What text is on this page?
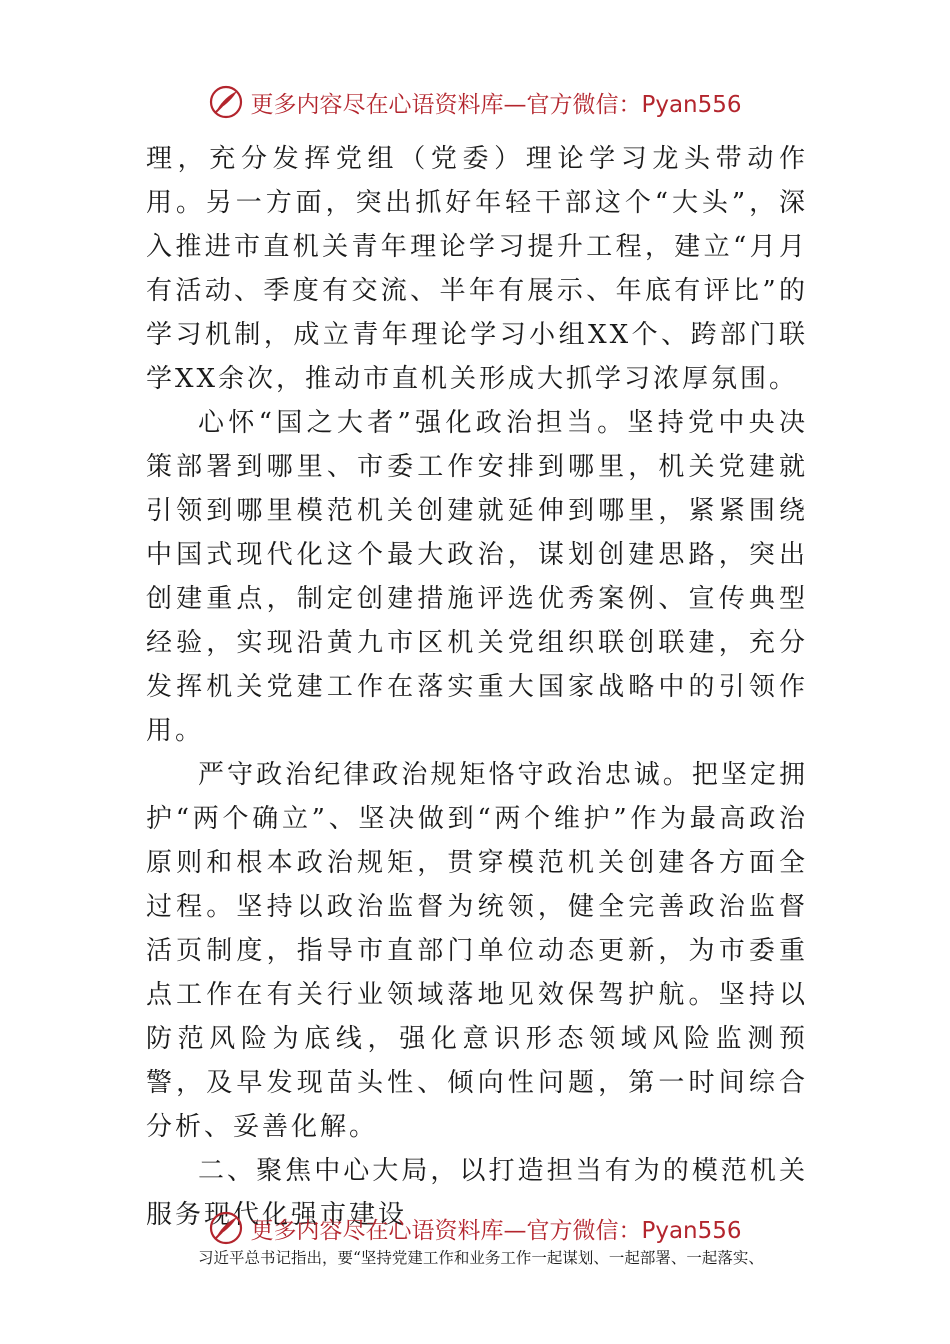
更多内容尽在心语资料库—官方微信：Pyan556

理，充分发挥党组（党委）理论学习龙头带动作用。另一方面，突出抓好年轻干部这个“大头”，深入推进市直机关青年理论学习提升工程，建立“月月有活动、季度有交流、半年有展示、年底有评比”的学习机制，成立青年理论学习小组XX个、跨部门联学XX余次，推动市直机关形成大抓学习浓厚氛围。

心怀“国之大者”强化政治担当。坚持党中央决策部署到哪里、市委工作安排到哪里，机关党建就引领到哪里模范机关创建就延伸到哪里，紧紧围绕中国式现代化这个最大政治，谋划创建思路，突出创建重点，制定创建措施评选优秀案例、宣传典型经验，实现沿黄九市区机关党组织联创联建，充分发挥机关党建工作在落实重大国家战略中的引领作用。

严守政治纪律政治规矩恪守政治忠诚。把坚定拥护“两个确立”、坚决做到“两个维护”作为最高政治原则和根本政治规矩，贯穿模范机关创建各方面全过程。坚持以政治监督为统领，健全完善政治监督活页制度，指导市直部门单位动态更新，为市委重点工作在有关行业领域落地见效保驾护航。坚持以防范风险为底线，强化意识形态领域风险监测预警，及早发现苗头性、倾向性问题，第一时间综合分析、妥善化解。

二、聚焦中心大局，以打造担当有为的模范机关服务现代化强市建设

习近平总书记指出，要“坚持党建工作和业务工作一起谋划、一起部署、一起落实、

更多内容尽在心语资料库—官方微信：Pyan556
